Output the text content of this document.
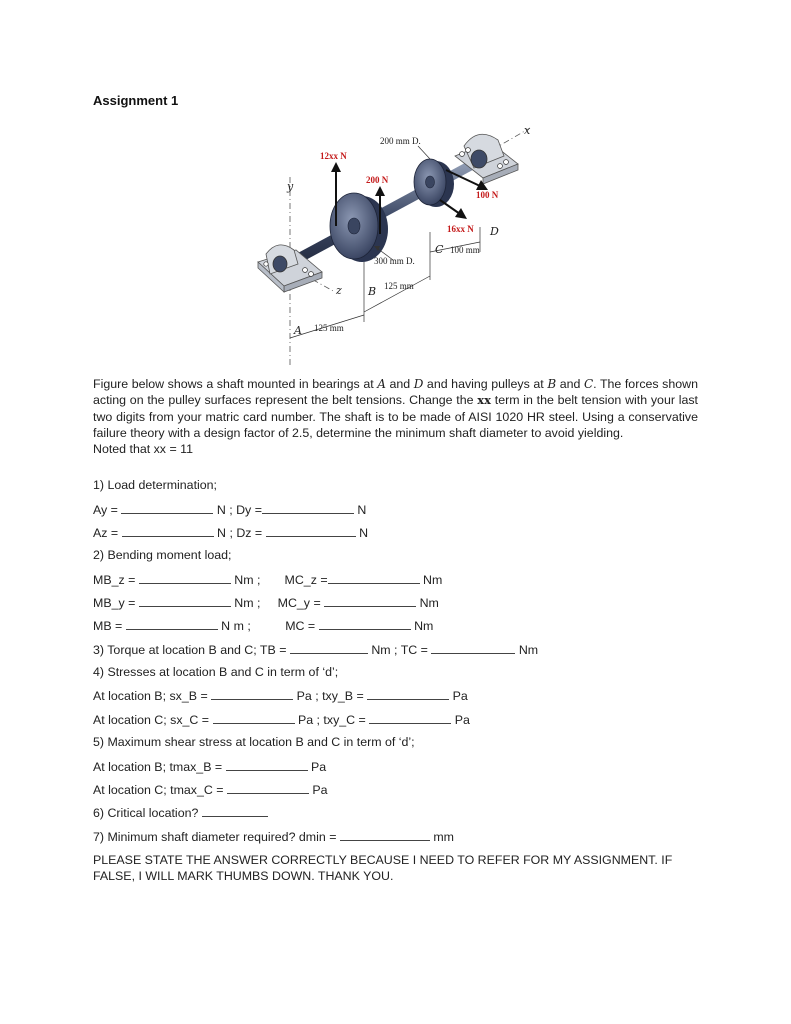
Assignment 1
200 mm D.
12xx N
200 N
100 N
16xx N
300 mm D.
125 mm
125 mm
100 mm
A
B
C
D
x
y
z
Figure below shows a shaft mounted in bearings at A and D and having pulleys at B and C. The forces shown acting on the pulley surfaces represent the belt tensions. Change the xx term in the belt tension with your last two digits from your matric card number. The shaft is to be made of AISI 1020 HR steel. Using a conservative failure theory with a design factor of 2.5, determine the minimum shaft diameter to avoid yielding.
Noted that xx = 11
1) Load determination;
Ay =	N ; Dy =	N
Az =	N ; Dz =	N
2) Bending moment load;
MB_z =	Nm ; MC_z =	Nm
MB_y =	Nm ; MC_y =	Nm
MB =	N m ;	MC =	Nm
3) Torque at location B and C; TB =	Nm ; TC =	Nm
4) Stresses at location B and C in term of ‘d’;
At location B; sx_B =	Pa ; txy_B =	Pa
At location C; sx_C =	Pa ; txy_C =	Pa
5) Maximum shear stress at location B and C in term of ‘d’;
At location B; tmax_B =	Pa
At location C; tmax_C =	Pa
6) Critical location?
7) Minimum shaft diameter required? dmin =	mm
PLEASE STATE THE ANSWER CORRECTLY BECAUSE I NEED TO REFER FOR MY ASSIGNMENT. IF FALSE, I WILL MARK THUMBS DOWN. THANK YOU.
